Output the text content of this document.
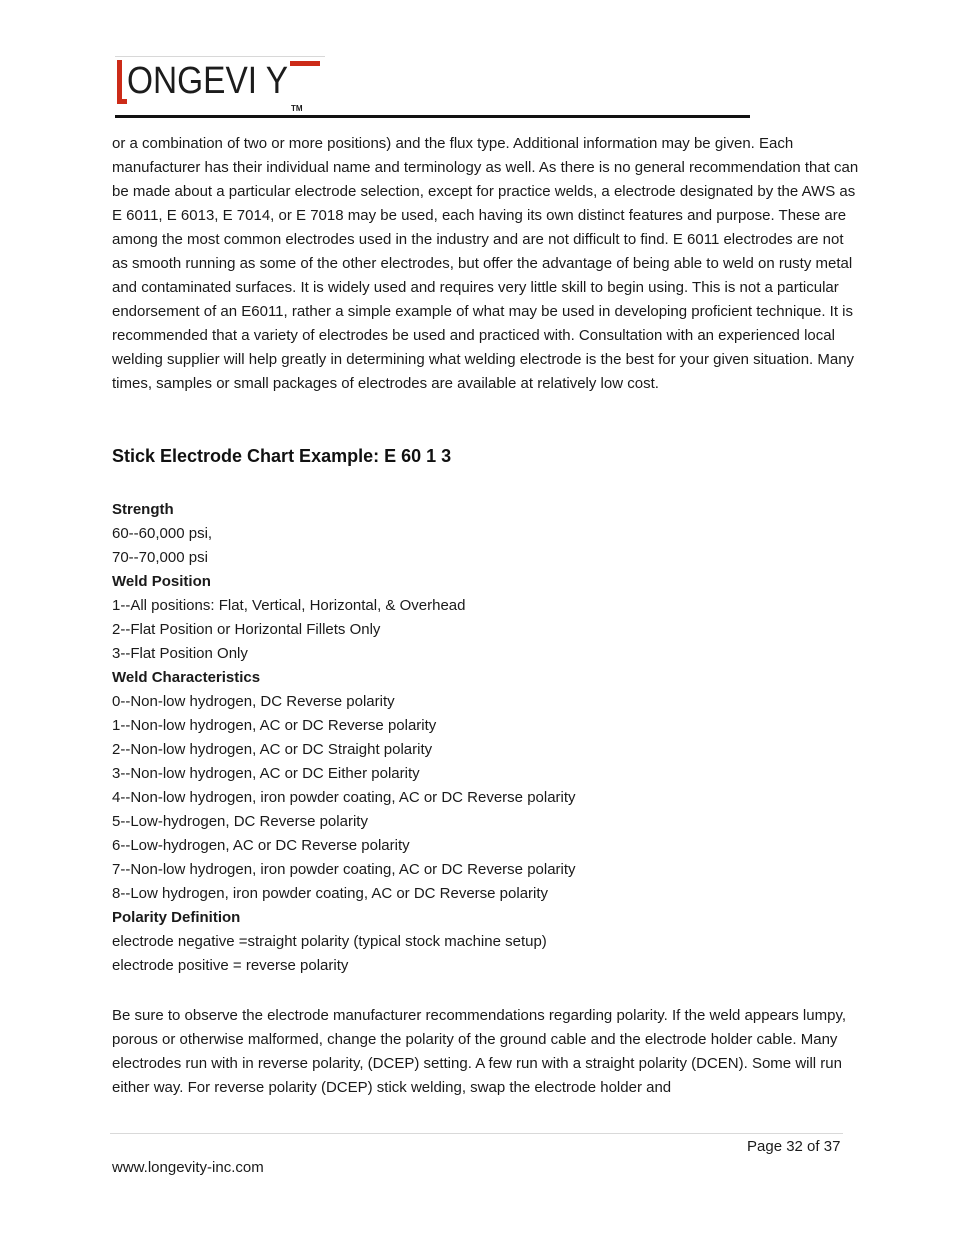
ONGEVI Y
TM
or a combination of two or more positions) and the flux type. Additional information may be given. Each manufacturer has their individual name and terminology as well. As there is no general recommendation that can be made about a particular electrode selection, except for practice welds, a electrode designated by the AWS as E 6011, E 6013, E 7014, or E 7018 may be used, each having its own distinct features and purpose. These are among the most common electrodes used in the industry and are not difficult to find. E 6011 electrodes are not as smooth running as some of the other electrodes, but offer the advantage of being able to weld on rusty metal and contaminated surfaces. It is widely used and requires very little skill to begin using. This is not a particular endorsement of an E6011, rather a simple example of what may be used in developing proficient technique. It is recommended that a variety of electrodes be used and practiced with. Consultation with an experienced local welding supplier will help greatly in determining what welding electrode is the best for your given situation. Many times, samples or small packages of electrodes are available at relatively low cost.
Stick Electrode Chart Example: E 60 1 3
Strength
60--60,000 psi,
70--70,000 psi
Weld Position
1--All positions: Flat, Vertical, Horizontal, & Overhead
2--Flat Position or Horizontal Fillets Only
3--Flat Position Only
Weld Characteristics
0--Non-low hydrogen, DC Reverse polarity
1--Non-low hydrogen, AC or DC Reverse polarity
2--Non-low hydrogen, AC or DC Straight polarity
3--Non-low hydrogen, AC or DC Either polarity
4--Non-low hydrogen, iron powder coating, AC or DC Reverse polarity
5--Low-hydrogen, DC Reverse polarity
6--Low-hydrogen, AC or DC Reverse polarity
7--Non-low hydrogen, iron powder coating, AC or DC Reverse polarity
8--Low hydrogen, iron powder coating, AC or DC Reverse polarity
Polarity Definition
electrode negative =straight polarity (typical stock machine setup)
electrode positive = reverse polarity
Be sure to observe the electrode manufacturer recommendations regarding polarity. If the weld appears lumpy, porous or otherwise malformed, change the polarity of the ground cable and the electrode holder cable. Many electrodes run with in reverse polarity, (DCEP) setting. A few run with a straight polarity (DCEN). Some will run either way. For reverse polarity (DCEP) stick welding, swap the electrode holder and
Page 32 of 37
www.longevity-inc.com
